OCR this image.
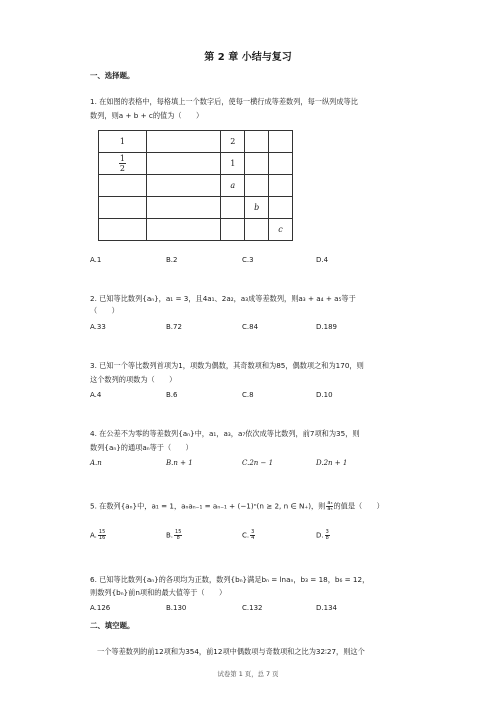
第 2 章 小结与复习
一、选择题。
1. 在如图的表格中，每格填上一个数字后，使每一横行成等差数列，每一纵列成等比
数列，则a + b + c的值为（　　）
1		2		

$\frac{1}{2}$		1		
		a		
			b	
				c
A.1	B.2	C.3	D.4
2. 已知等比数列{aₙ}，a₁ = 3，且4a₁、2a₂，a₃成等差数列，则a₃ + a₄ + a₅等于
（　　）
A.33	B.72	C.84	D.189
3. 已知一个等比数列首项为1，项数为偶数，其奇数项和为85，偶数项之和为170，则
这个数列的项数为（　　）
A.4	B.6	C.8	D.10
4. 在公差不为零的等差数列{aₙ}中，a₁，a₃，a₇依次成等比数列，前7项和为35，则
数列{aₙ}的通项aₙ等于（　　）
A.n	B.n + 1	C.2n − 1	D.2n + 1
5. 在数列{aₙ}中，a₁ = 1，aₙaₙ₋₁ = aₙ₋₁ + (−1)ⁿ(n ≥ 2, n ∈ N₊)，则 $\frac{\text{a₃}}{\text{a₅}}$ 的值是（　　）
A. $\frac{15}{16}$	B. $\frac{15}{8}$	C. $\frac{3}{4}$	D. $\frac{3}{8}$
6. 已知等比数列{aₙ}的各项均为正数，数列{bₙ}满足bₙ = lnaₙ，b₃ = 18，b₆ = 12，
则数列{bₙ}前n项和的最大值等于（　　）
A.126	B.130	C.132	D.134
二、填空题。
一个等差数列的前12项和为354，前12项中偶数项与奇数项和之比为32∶27，则这个
试卷第 1 页，总 7 页
